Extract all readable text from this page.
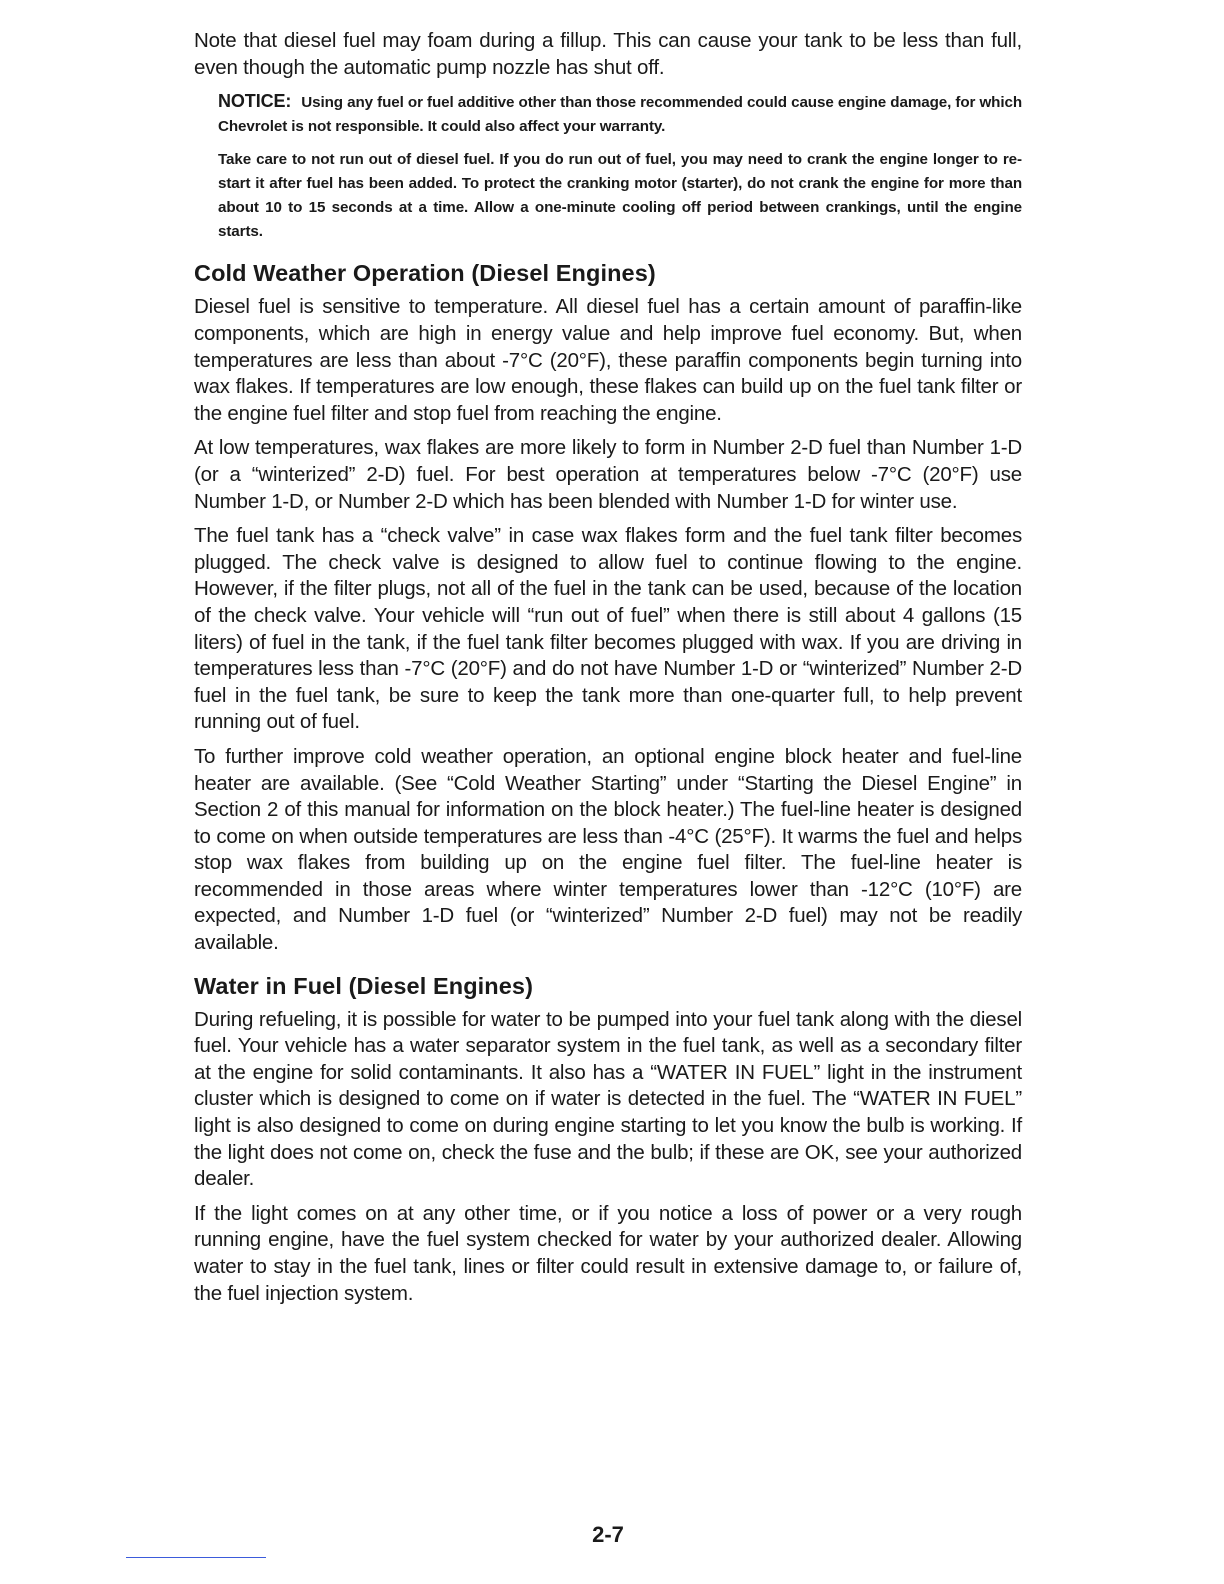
Note that diesel fuel may foam during a fillup. This can cause your tank to be less than full, even though the automatic pump nozzle has shut off.

NOTICE: Using any fuel or fuel additive other than those recommended could cause engine damage, for which Chevrolet is not responsible. It could also affect your warranty.

Take care to not run out of diesel fuel. If you do run out of fuel, you may need to crank the engine longer to re-start it after fuel has been added. To protect the cranking motor (starter), do not crank the engine for more than about 10 to 15 seconds at a time. Allow a one-minute cooling off period between crankings, until the engine starts.

Cold Weather Operation (Diesel Engines)

Diesel fuel is sensitive to temperature. All diesel fuel has a certain amount of paraffin-like components, which are high in energy value and help improve fuel economy. But, when temperatures are less than about -7°C (20°F), these paraffin components begin turning into wax flakes. If temperatures are low enough, these flakes can build up on the fuel tank filter or the engine fuel filter and stop fuel from reaching the engine.

At low temperatures, wax flakes are more likely to form in Number 2-D fuel than Number 1-D (or a “winterized” 2-D) fuel. For best operation at temperatures below -7°C (20°F) use Number 1-D, or Number 2-D which has been blended with Number 1-D for winter use.

The fuel tank has a “check valve” in case wax flakes form and the fuel tank filter becomes plugged. The check valve is designed to allow fuel to continue flowing to the engine. However, if the filter plugs, not all of the fuel in the tank can be used, because of the location of the check valve. Your vehicle will “run out of fuel” when there is still about 4 gallons (15 liters) of fuel in the tank, if the fuel tank filter becomes plugged with wax. If you are driving in temperatures less than -7°C (20°F) and do not have Number 1-D or “winterized” Number 2-D fuel in the fuel tank, be sure to keep the tank more than one-quarter full, to help prevent running out of fuel.

To further improve cold weather operation, an optional engine block heater and fuel-line heater are available. (See “Cold Weather Starting” under “Starting the Diesel Engine” in Section 2 of this manual for information on the block heater.) The fuel-line heater is designed to come on when outside temperatures are less than -4°C (25°F). It warms the fuel and helps stop wax flakes from building up on the engine fuel filter. The fuel-line heater is recommended in those areas where winter temperatures lower than -12°C (10°F) are expected, and Number 1-D fuel (or “winterized” Number 2-D fuel) may not be readily available.

Water in Fuel (Diesel Engines)

During refueling, it is possible for water to be pumped into your fuel tank along with the diesel fuel. Your vehicle has a water separator system in the fuel tank, as well as a secondary filter at the engine for solid contaminants. It also has a “WATER IN FUEL” light in the instrument cluster which is designed to come on if water is detected in the fuel. The “WATER IN FUEL” light is also designed to come on during engine starting to let you know the bulb is working. If the light does not come on, check the fuse and the bulb; if these are OK, see your authorized dealer.

If the light comes on at any other time, or if you notice a loss of power or a very rough running engine, have the fuel system checked for water by your authorized dealer. Allowing water to stay in the fuel tank, lines or filter could result in extensive damage to, or failure of, the fuel injection system.

2-7
